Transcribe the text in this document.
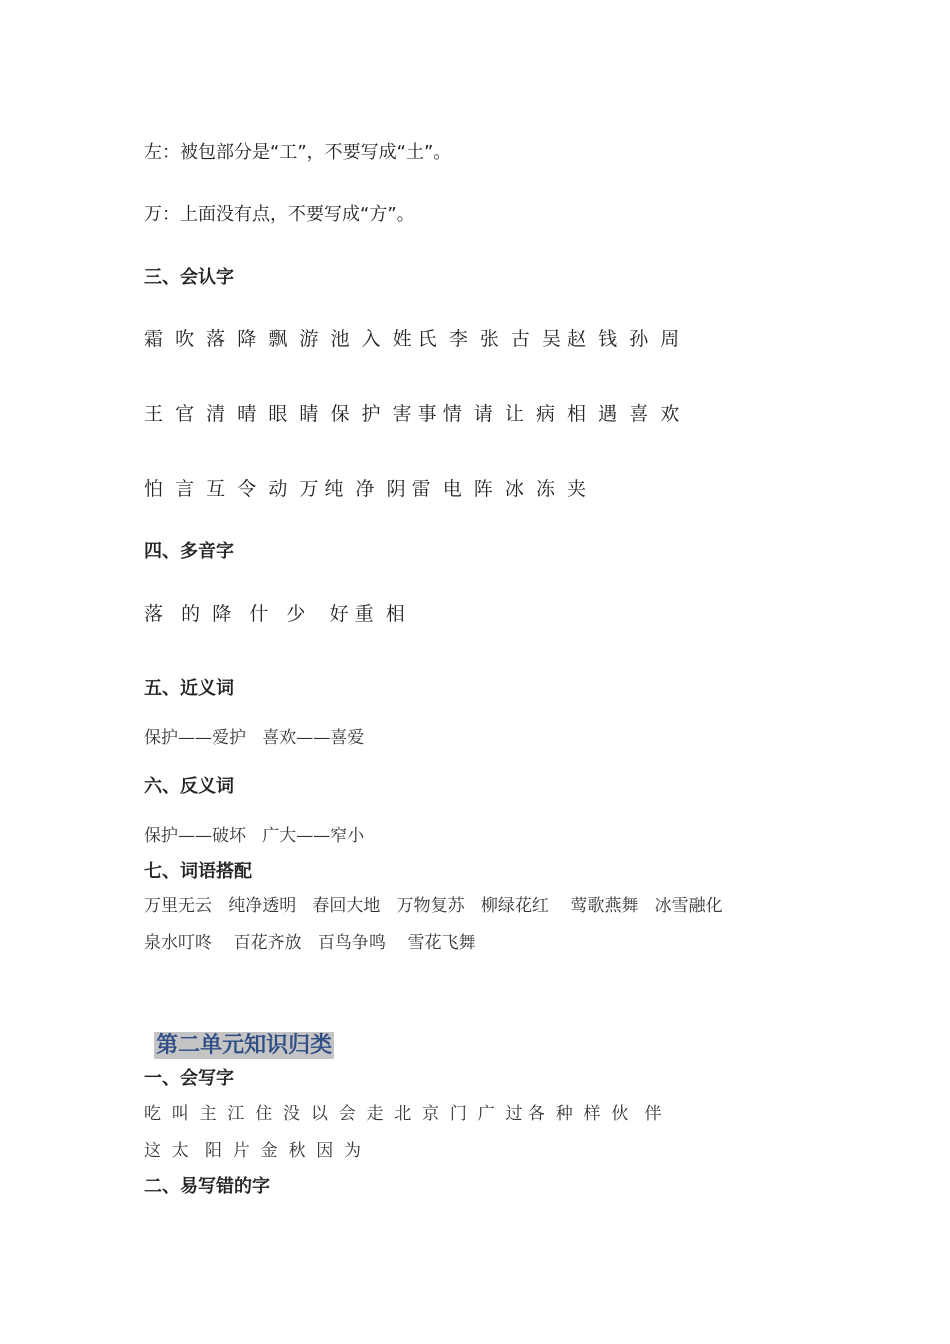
左：被包部分是“工”，不要写成“土”。
万：上面没有点，不要写成“方”。
三、会认字
霜  吹  落  降  飘  游  池  入  姓 氏  李  张  古  吴 赵  钱  孙  周
王  官  清  晴  眼  睛  保  护  害 事 情  请  让  病  相  遇  喜  欢
怕  言  互  令  动  万 纯  净  阴 雷  电  阵  冰  冻  夹
四、多音字
落   的  降   什   少    好 重  相
五、近义词
保护——爱护   喜欢——喜爱
六、反义词
保护——破坏   广大——窄小
七、词语搭配
万里无云   纯净透明   春回大地   万物复苏   柳绿花红    莺歌燕舞   冰雪融化
泉水叮咚    百花齐放   百鸟争鸣    雪花飞舞

第二单元知识归类

一、会写字
吃  叫  主  江  住  没  以  会  走  北  京  门  广  过 各  种  样  伙   伴
这  太   阳  片  金  秋  因  为
二、易写错的字
